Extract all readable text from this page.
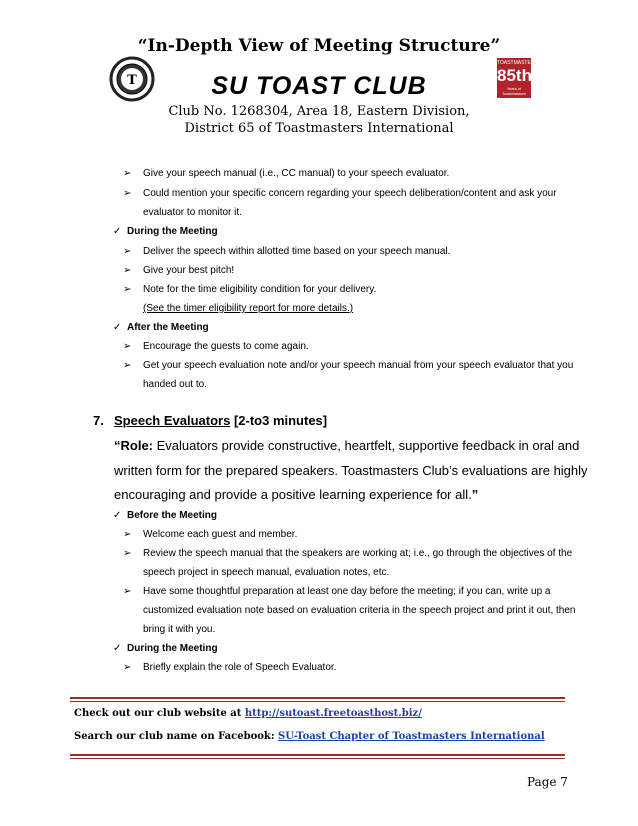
“In-Depth View of Meeting Structure”
T	SU TOAST CLUB
TOASTMASTERS
85th
Years of Toastmasters
Club No. 1268304, Area 18, Eastern Division,
District 65 of Toastmasters International
➢ Give your speech manual (i.e., CC manual) to your speech evaluator.
➢ Could mention your specific concern regarding your speech deliberation/content and ask your
evaluator to monitor it.
✓ During the Meeting
➢ Deliver the speech within allotted time based on your speech manual.
➢ Give your best pitch!
➢ Note for the time eligibility condition for your delivery.
(See the timer eligibility report for more details.)
✓ After the Meeting
➢ Encourage the guests to come again.
➢ Get your speech evaluation note and/or your speech manual from your speech evaluator that you
handed out to.
7. Speech Evaluators [2-to3 minutes]
“Role: Evaluators provide constructive, heartfelt, supportive feedback in oral and
written form for the prepared speakers. Toastmasters Club’s evaluations are highly
encouraging and provide a positive learning experience for all.”
✓ Before the Meeting
➢ Welcome each guest and member.
➢ Review the speech manual that the speakers are working at; i.e., go through the objectives of the
speech project in speech manual, evaluation notes, etc.
➢ Have some thoughtful preparation at least one day before the meeting; if you can, write up a
customized evaluation note based on evaluation criteria in the speech project and print it out, then
bring it with you.
✓ During the Meeting
➢ Briefly explain the role of Speech Evaluator.
Check out our club website at http://sutoast.freetoasthost.biz/
Search our club name on Facebook: SU-Toast Chapter of Toastmasters International
Page 7
